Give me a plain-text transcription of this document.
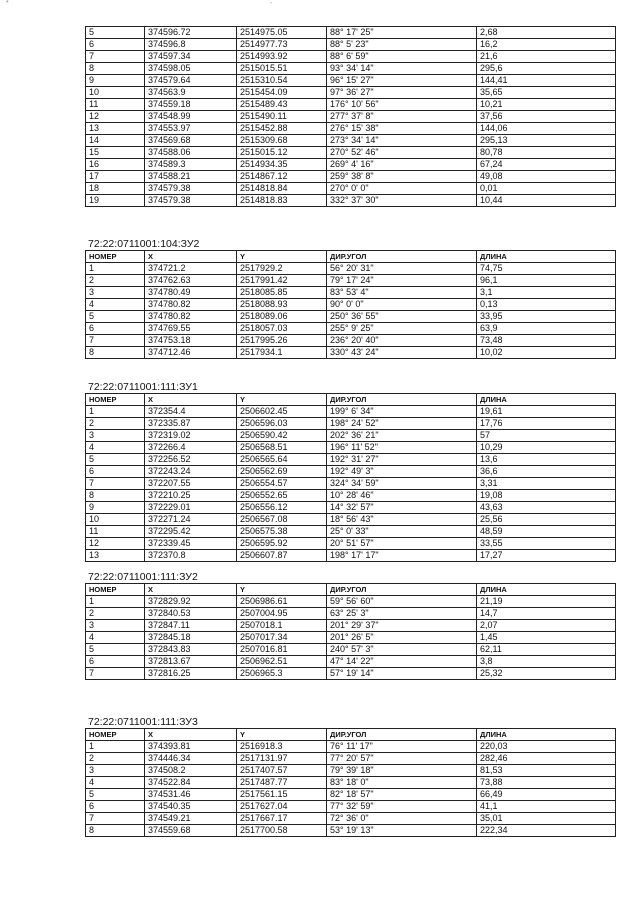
*	-
5	374596.72	2514975.05	88° 17' 25"	2,68
6	374596.8	2514977.73	88° 5' 23"	16,2
7	374597.34	2514993.92	88° 6' 59"	21,6
8	374598.05	2515015.51	93° 34' 14"	295,6
9	374579.64	2515310.54	96° 15' 27"	144,41
10	374563.9	2515454.09	97° 36' 27"	35,65
11	374559.18	2515489.43	176° 10' 56"	10,21
12	374548.99	2515490.11	277° 37' 8"	37,56
13	374553.97	2515452.88	276° 15' 38"	144,06
14	374569.68	2515309.68	273° 34' 14"	295,13
15	374588.06	2515015.12	270° 52' 46"	80,78
16	374589.3	2514934.35	269° 4' 16"	67,24
17	374588.21	2514867.12	259° 38' 8"	49,08
18	374579.38	2514818.84	270° 0' 0"	0,01
19	374579.38	2514818.83	332° 37' 30"	10,44
72:22:0711001:104:ЗУ2
НОМЕР	X	Y	ДИР.УГОЛ	ДЛИНА
1	374721.2	2517929.2	56° 20' 31"	74,75
2	374762.63	2517991.42	79° 17' 24"	96,1
3	374780.49	2518085.85	83° 53' 4"	3,1
4	374780.82	2518088.93	90° 0' 0"	0,13
5	374780.82	2518089.06	250° 36' 55"	33,95
6	374769.55	2518057.03	255° 9' 25"	63,9
7	374753.18	2517995.26	236° 20' 40"	73,48
8	374712.46	2517934.1	330° 43' 24"	10,02
72:22:0711001:111:ЗУ1
НОМЕР	X	Y	ДИР.УГОЛ	ДЛИНА
1	372354.4	2506602.45	199° 6' 34"	19,61
2	372335.87	2506596.03	198° 24' 52"	17,76
3	372319.02	2506590.42	202° 36' 21"	57
4	372266.4	2506568.51	196° 11' 52"	10,29
5	372256.52	2506565.64	192° 31' 27"	13,6
6	372243.24	2506562.69	192° 49' 3"	36,6
7	372207.55	2506554.57	324° 34' 59"	3,31
8	372210.25	2506552.65	10° 28' 46"	19,08
9	372229.01	2506556.12	14° 32' 57"	43,63
10	372271.24	2506567.08	18° 56' 43"	25,56
11	372295.42	2506575.38	25° 0' 33"	48,59
12	372339.45	2506595.92	20° 51' 57"	33,55
13	372370.8	2506607.87	198° 17' 17"	17,27
72:22:0711001:111:ЗУ2
НОМЕР	X	Y	ДИР.УГОЛ	ДЛИНА
1	372829.92	2506986.61	59° 56' 60"	21,19
2	372840.53	2507004.95	63° 25' 3"	14,7
3	372847.11	2507018.1	201° 29' 37"	2,07
4	372845.18	2507017.34	201° 26' 5"	1,45
5	372843.83	2507016.81	240° 57' 3"	62,11
6	372813.67	2506962.51	47° 14' 22"	3,8
7	372816.25	2506965.3	57° 19' 14"	25,32
72:22:0711001:111:ЗУ3
НОМЕР	X	Y	ДИР.УГОЛ	ДЛИНА
1	374393.81	2516918.3	76° 11' 17"	220,03
2	374446.34	2517131.97	77° 20' 57"	282,46
3	374508.2	2517407.57	79° 39' 18"	81,53
4	374522.84	2517487.77	83° 18' 0"	73,88
5	374531.46	2517561.15	82° 18' 57"	66,49
6	374540.35	2517627.04	77° 32' 59"	41,1
7	374549.21	2517667.17	72° 36' 0"	35,01
8	374559.68	2517700.58	53° 19' 13"	222,34
